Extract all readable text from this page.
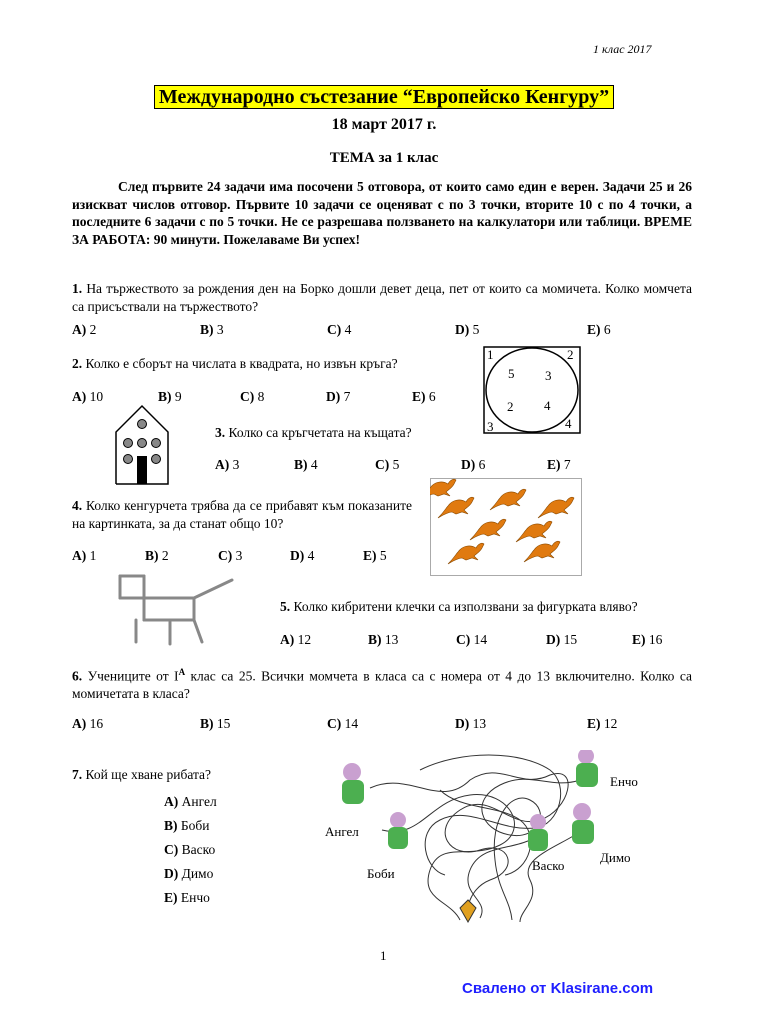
1 клас 2017
Международно състезание “Европейско Кенгуру”
18 март 2017 г.
ТЕМА за 1 клас
След първите 24 задачи има посочени 5 отговора, от които само един е верен. Задачи 25 и 26 изискват числов отговор. Първите 10 задачи се оценяват с по 3 точки, вторите 10 с по 4 точки, а последните 6 задачи с по 5 точки. Не се разрешава ползването на калкулатори или таблици. ВРЕМЕ ЗА РАБОТА: 90 минути. Пожелаваме Ви успех!
1. На тържеството за рождения ден на Борко дошли девет деца, пет от които са момичета. Колко момчета са присъствали на тържеството?
A) 2	B) 3	C) 4	D) 5	E) 6
2. Колко е сборът на числата в квадрата, но извън кръга?
A) 10	B) 9	C) 8	D) 7	E) 6
1	2
3	4
5 3
2 4
3. Колко са кръгчетата на къщата?
A) 3	B) 4	C) 5	D) 6	E) 7
4. Колко кенгурчета трябва да се прибавят към показаните на картинката, за да станат общо 10?
A) 1	B) 2	C) 3	D) 4	E) 5
5. Колко кибритени клечки са използвани за фигурката вляво?
A) 12	B) 13	C) 14	D) 15	E) 16
6. Учениците от $I^A$ клас са 25. Всички момчета в класа са с номера от 4 до 13 включително. Колко са момичетата в класа?
A) 16	B) 15	C) 14	D) 13	E) 12
7. Кой ще хване рибата?
A) Ангел
B) Боби
C) Васко
D) Димо
E) Енчо
Ангел
Боби
Васко
Димо
Енчо
1
Свалено от Klasirane.com
